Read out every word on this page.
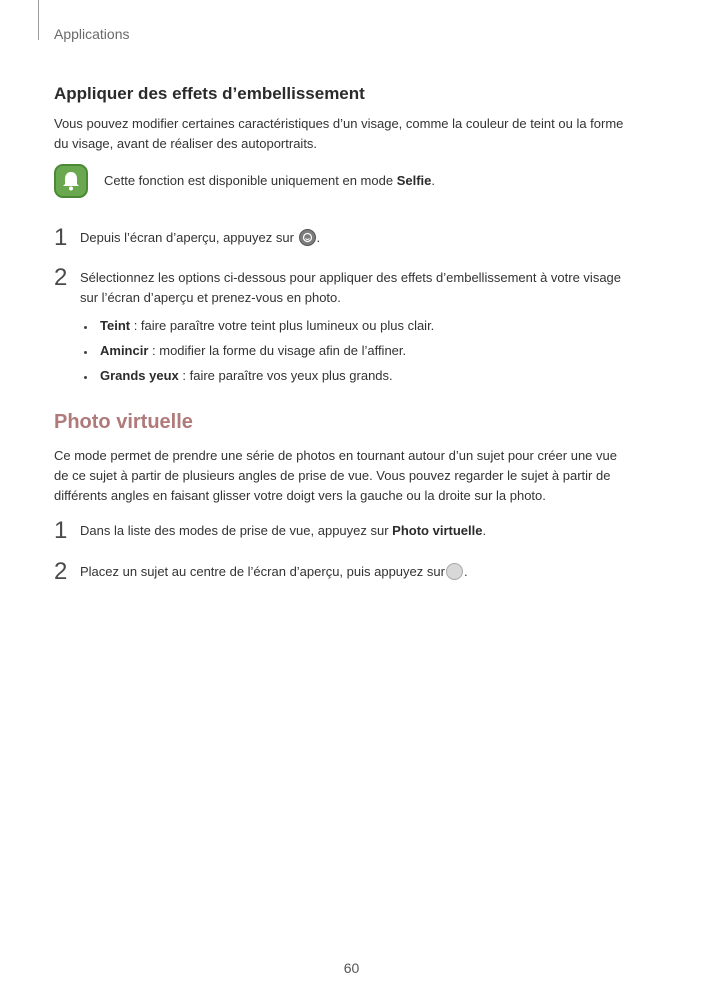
Applications
Appliquer des effets d’embellissement
Vous pouvez modifier certaines caractéristiques d’un visage, comme la couleur de teint ou la forme
du visage, avant de réaliser des autoportraits.
Cette fonction est disponible uniquement en mode Selfie.
1 Depuis l’écran d’aperçu, appuyez sur .
2 Sélectionnez les options ci-dessous pour appliquer des effets d’embellissement à votre visage
sur l’écran d’aperçu et prenez-vous en photo.
Teint : faire paraître votre teint plus lumineux ou plus clair.
Amincir : modifier la forme du visage afin de l’affiner.
Grands yeux : faire paraître vos yeux plus grands.
Photo virtuelle
Ce mode permet de prendre une série de photos en tournant autour d’un sujet pour créer une vue
de ce sujet à partir de plusieurs angles de prise de vue. Vous pouvez regarder le sujet à partir de
différents angles en faisant glisser votre doigt vers la gauche ou la droite sur la photo.
1 Dans la liste des modes de prise de vue, appuyez sur Photo virtuelle.
2 Placez un sujet au centre de l’écran d’aperçu, puis appuyez sur .
60
